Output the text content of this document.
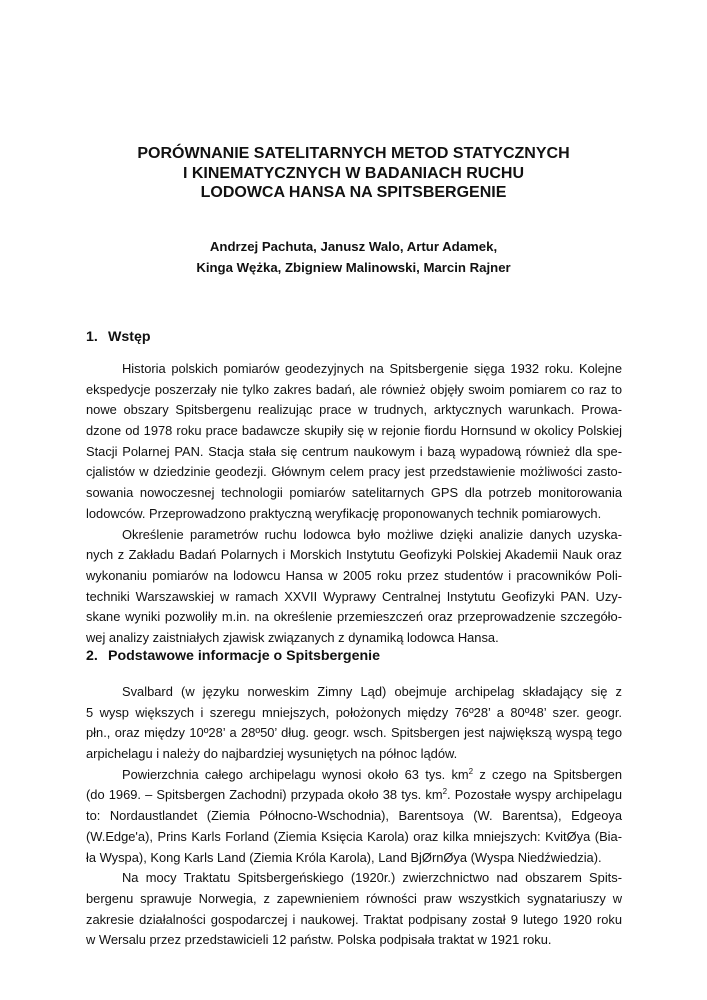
PORÓWNANIE SATELITARNYCH METOD STATYCZNYCH
I KINEMATYCZNYCH W BADANIACH RUCHU
LODOWCA HANSA NA SPITSBERGENIE
Andrzej Pachuta, Janusz Walo, Artur Adamek,
Kinga Wężka, Zbigniew Malinowski, Marcin Rajner
1. Wstęp
Historia polskich pomiarów geodezyjnych na Spitsbergenie sięga 1932 roku. Kolejne
ekspedycje poszerzały nie tylko zakres badań, ale również objęły swoim pomiarem co raz to
nowe obszary Spitsbergenu realizując prace w trudnych, arktycznych warunkach. Prowa-
dzone od 1978 roku prace badawcze skupiły się w rejonie fiordu Hornsund w okolicy Polskiej
Stacji Polarnej PAN. Stacja stała się centrum naukowym i bazą wypadową również dla spe-
cjalistów w dziedzinie geodezji. Głównym celem pracy jest przedstawienie możliwości zasto-
sowania nowoczesnej technologii pomiarów satelitarnych GPS dla potrzeb monitorowania
lodowców. Przeprowadzono praktyczną weryfikację proponowanych technik pomiarowych.
Określenie parametrów ruchu lodowca było możliwe dzięki analizie danych uzyska-
nych z Zakładu Badań Polarnych i Morskich Instytutu Geofizyki Polskiej Akademii Nauk oraz
wykonaniu pomiarów na lodowcu Hansa w 2005 roku przez studentów i pracowników Poli-
techniki Warszawskiej w ramach XXVII Wyprawy Centralnej Instytutu Geofizyki PAN. Uzy-
skane wyniki pozwoliły m.in. na określenie przemieszczeń oraz przeprowadzenie szczegóło-
wej analizy zaistniałych zjawisk związanych z dynamiką lodowca Hansa.
2. Podstawowe informacje o Spitsbergenie
Svalbard (w języku norweskim Zimny Ląd) obejmuje archipelag składający się z
5 wysp większych i szeregu mniejszych, położonych między 76º28’ a 80º48’ szer. geogr.
płn., oraz między 10º28’ a 28º50’ dług. geogr. wsch. Spitsbergen jest największą wyspą tego
arpichelagu i należy do najbardziej wysuniętych na północ lądów.
Powierzchnia całego archipelagu wynosi około 63 tys. $km^2$ z czego na Spitsbergen
(do 1969. – Spitsbergen Zachodni) przypada około 38 tys. $km^2$. Pozostałe wyspy archipelagu
to: Nordaustlandet (Ziemia Północno-Wschodnia), Barentsoya (W. Barentsa), Edgeoya
(W.Edge'a), Prins Karls Forland (Ziemia Księcia Karola) oraz kilka mniejszych: KvitØya (Bia-
ła Wyspa), Kong Karls Land (Ziemia Króla Karola), Land BjØrnØya (Wyspa Niedźwiedzia).
Na mocy Traktatu Spitsbergeńskiego (1920r.) zwierzchnictwo nad obszarem Spits-
bergenu sprawuje Norwegia, z zapewnieniem równości praw wszystkich sygnatariuszy w
zakresie działalności gospodarczej i naukowej. Traktat podpisany został 9 lutego 1920 roku
w Wersalu przez przedstawicieli 12 państw. Polska podpisała traktat w 1921 roku.
